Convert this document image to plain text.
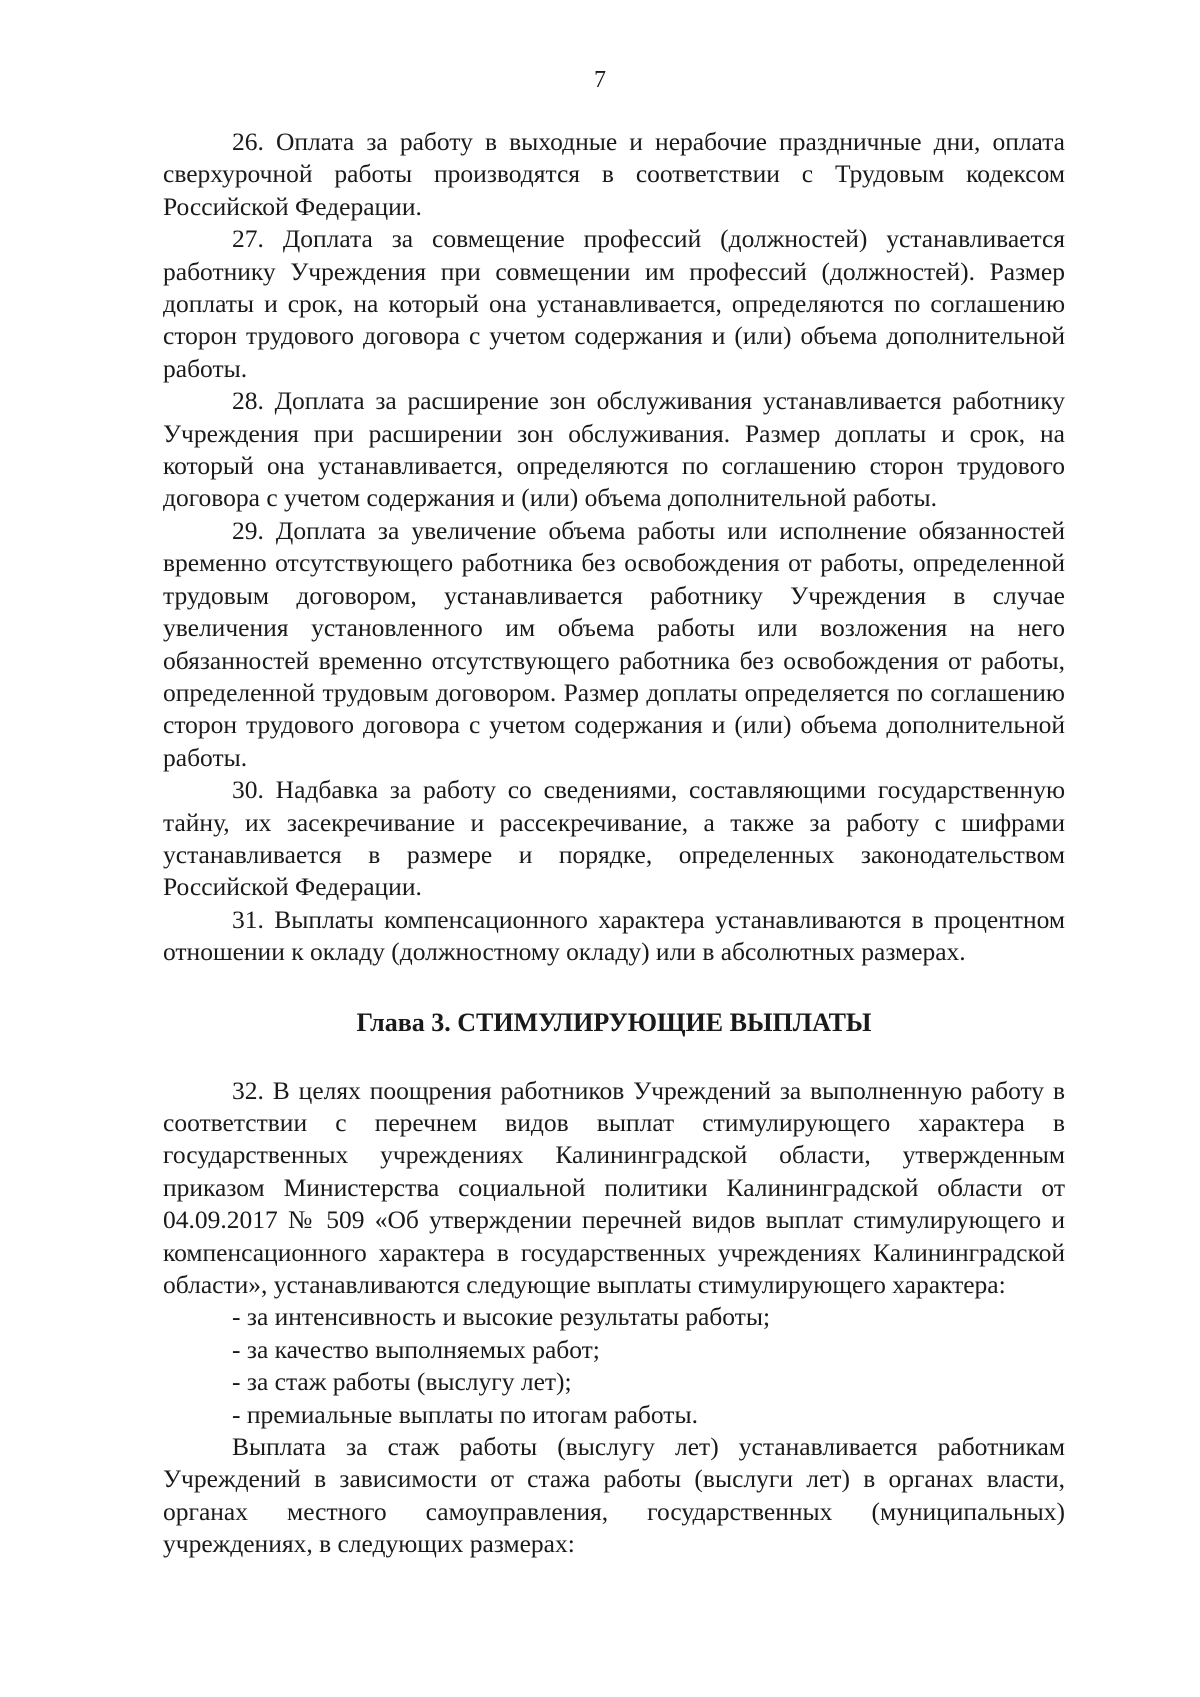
7

26. Оплата за работу в выходные и нерабочие праздничные дни, оплата сверхурочной работы производятся в соответствии с Трудовым кодексом Российской Федерации.

27. Доплата за совмещение профессий (должностей) устанавливается работнику Учреждения при совмещении им профессий (должностей). Размер доплаты и срок, на который она устанавливается, определяются по соглашению сторон трудового договора с учетом содержания и (или) объема дополнительной работы.

28. Доплата за расширение зон обслуживания устанавливается работнику Учреждения при расширении зон обслуживания. Размер доплаты и срок, на который она устанавливается, определяются по соглашению сторон трудового договора с учетом содержания и (или) объема дополнительной работы.

29. Доплата за увеличение объема работы или исполнение обязанностей временно отсутствующего работника без освобождения от работы, определенной трудовым договором, устанавливается работнику Учреждения в случае увеличения установленного им объема работы или возложения на него обязанностей временно отсутствующего работника без освобождения от работы, определенной трудовым договором. Размер доплаты определяется по соглашению сторон трудового договора с учетом содержания и (или) объема дополнительной работы.

30. Надбавка за работу со сведениями, составляющими государственную тайну, их засекречивание и рассекречивание, а также за работу с шифрами устанавливается в размере и порядке, определенных законодательством Российской Федерации.

31. Выплаты компенсационного характера устанавливаются в процентном отношении к окладу (должностному окладу) или в абсолютных размерах.

Глава 3. СТИМУЛИРУЮЩИЕ ВЫПЛАТЫ

32. В целях поощрения работников Учреждений за выполненную работу в соответствии с перечнем видов выплат стимулирующего характера в государственных учреждениях Калининградской области, утвержденным приказом Министерства социальной политики Калининградской области от 04.09.2017 № 509 «Об утверждении перечней видов выплат стимулирующего и компенсационного характера в государственных учреждениях Калининградской области», устанавливаются следующие выплаты стимулирующего характера:

- за интенсивность и высокие результаты работы;

- за качество выполняемых работ;

- за стаж работы (выслугу лет);

- премиальные выплаты по итогам работы.

Выплата за стаж работы (выслугу лет) устанавливается работникам Учреждений в зависимости от стажа работы (выслуги лет) в органах власти, органах местного самоуправления, государственных (муниципальных) учреждениях, в следующих размерах:
